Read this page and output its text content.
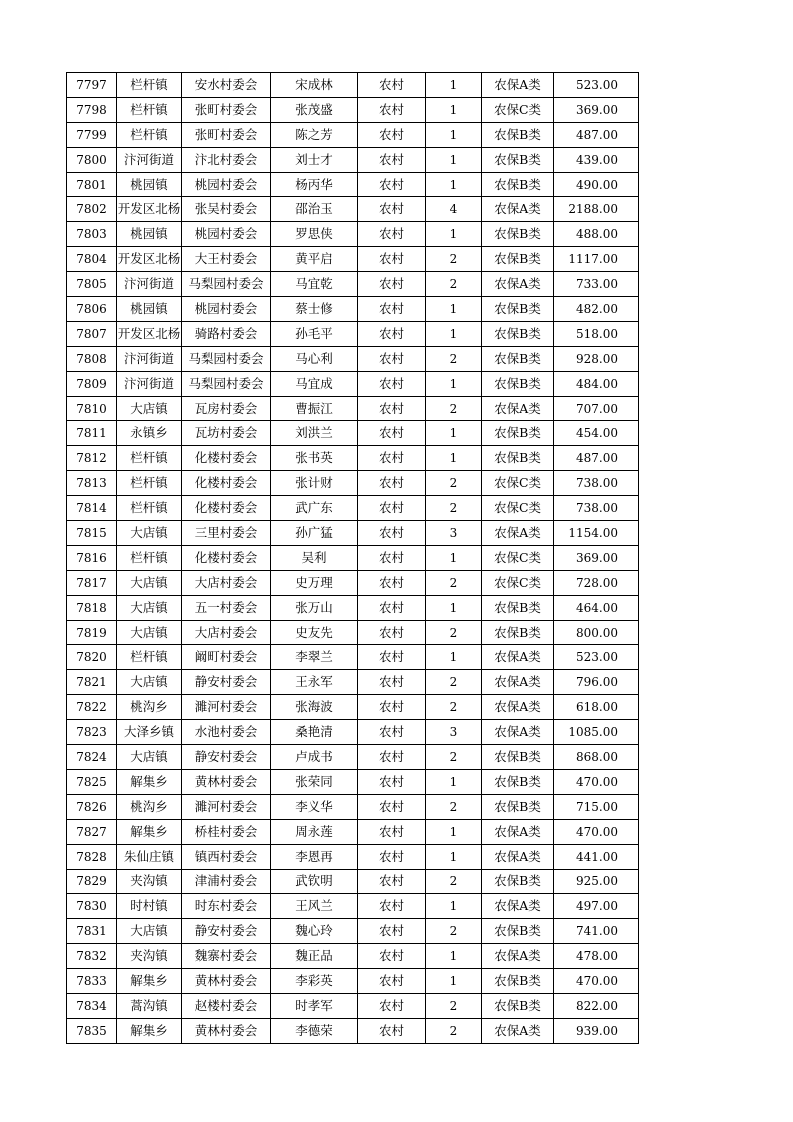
7797	栏杆镇	安水村委会	宋成林	农村	1	农保A类	523.00
7798	栏杆镇	张町村委会	张茂盛	农村	1	农保C类	369.00
7799	栏杆镇	张町村委会	陈之芳	农村	1	农保B类	487.00
7800	汴河街道	汴北村委会	刘士才	农村	1	农保B类	439.00
7801	桃园镇	桃园村委会	杨丙华	农村	1	农保B类	490.00
7802	开发区北杨	张吴村委会	邵治玉	农村	4	农保A类	2188.00
7803	桃园镇	桃园村委会	罗思侠	农村	1	农保B类	488.00
7804	开发区北杨	大王村委会	黄平启	农村	2	农保B类	1117.00
7805	汴河街道	马梨园村委会	马宜乾	农村	2	农保A类	733.00
7806	桃园镇	桃园村委会	蔡士修	农村	1	农保B类	482.00
7807	开发区北杨	骑路村委会	孙毛平	农村	1	农保B类	518.00
7808	汴河街道	马梨园村委会	马心利	农村	2	农保B类	928.00
7809	汴河街道	马梨园村委会	马宜成	农村	1	农保B类	484.00
7810	大店镇	瓦房村委会	曹振江	农村	2	农保A类	707.00
7811	永镇乡	瓦坊村委会	刘洪兰	农村	1	农保B类	454.00
7812	栏杆镇	化楼村委会	张书英	农村	1	农保B类	487.00
7813	栏杆镇	化楼村委会	张计财	农村	2	农保C类	738.00
7814	栏杆镇	化楼村委会	武广东	农村	2	农保C类	738.00
7815	大店镇	三里村委会	孙广猛	农村	3	农保A类	1154.00
7816	栏杆镇	化楼村委会	吴利	农村	1	农保C类	369.00
7817	大店镇	大店村委会	史万理	农村	2	农保C类	728.00
7818	大店镇	五一村委会	张万山	农村	1	农保B类	464.00
7819	大店镇	大店村委会	史友先	农村	2	农保B类	800.00
7820	栏杆镇	阚町村委会	李翠兰	农村	1	农保A类	523.00
7821	大店镇	静安村委会	王永军	农村	2	农保A类	796.00
7822	桃沟乡	濉河村委会	张海波	农村	2	农保A类	618.00
7823	大泽乡镇	水池村委会	桑艳清	农村	3	农保A类	1085.00
7824	大店镇	静安村委会	卢成书	农村	2	农保B类	868.00
7825	解集乡	黄林村委会	张荣同	农村	1	农保B类	470.00
7826	桃沟乡	濉河村委会	李义华	农村	2	农保B类	715.00
7827	解集乡	桥桂村委会	周永莲	农村	1	农保A类	470.00
7828	朱仙庄镇	镇西村委会	李恩再	农村	1	农保A类	441.00
7829	夹沟镇	津浦村委会	武钦明	农村	2	农保B类	925.00
7830	时村镇	时东村委会	王风兰	农村	1	农保A类	497.00
7831	大店镇	静安村委会	魏心玲	农村	2	农保B类	741.00
7832	夹沟镇	魏寨村委会	魏正品	农村	1	农保A类	478.00
7833	解集乡	黄林村委会	李彩英	农村	1	农保B类	470.00
7834	蒿沟镇	赵楼村委会	时孝军	农村	2	农保B类	822.00
7835	解集乡	黄林村委会	李德荣	农村	2	农保A类	939.00
